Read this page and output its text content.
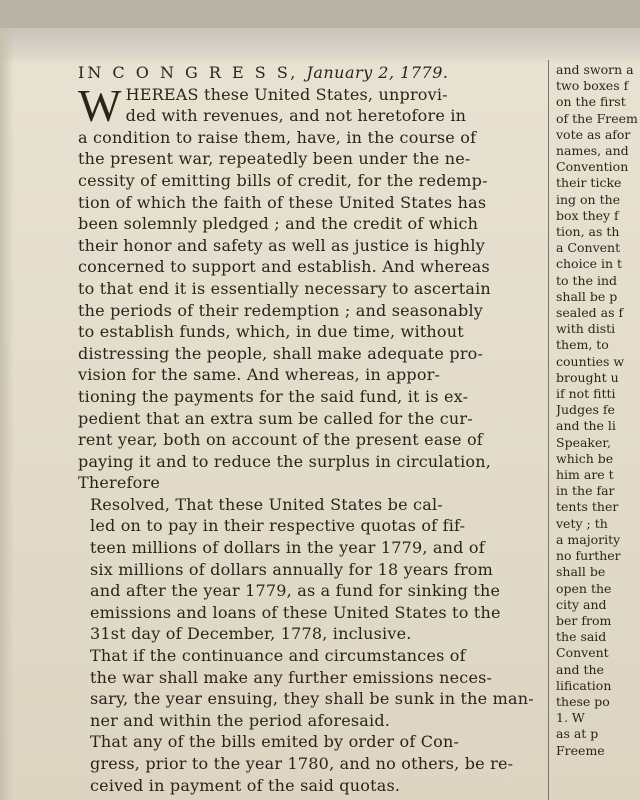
IN C O N G R E S S, January 2, 1779.
W HEREAS these United States, unprovi-
ded with revenues, and not heretofore in
a condition to raise them, have, in the course of
the present war, repeatedly been under the ne-
cessity of emitting bills of credit, for the redemp-
tion of which the faith of these United States has
been solemnly pledged ; and the credit of which
their honor and safety as well as justice is highly
concerned to support and establish. And whereas
to that end it is essentially necessary to ascertain
the periods of their redemption ; and seasonably
to establish funds, which, in due time, without
distressing the people, shall make adequate pro-
vision for the same. And whereas, in appor-
tioning the payments for the said fund, it is ex-
pedient that an extra sum be called for the cur-
rent year, both on account of the present ease of
paying it and to reduce the surplus in circulation,
Therefore
Resolved, That these United States be cal-
led on to pay in their respective quotas of fif-
teen millions of dollars in the year 1779, and of
six millions of dollars annually for 18 years from
and after the year 1779, as a fund for sinking the
emissions and loans of these United States to the
31st day of December, 1778, inclusive.
That if the continuance and circumstances of
the war shall make any further emissions neces-
sary, the year ensuing, they shall be sunk in the man-
ner and within the period aforesaid.
That any of the bills emited by order of Con-
gress, prior to the year 1780, and no others, be re-
ceived in payment of the said quotas.
and sworn a
two boxes f
on the first
of the Freem
vote as afor
names, and
Convention
their ticke
ing on the
box they f
tion, as th
a Convent
choice in t
to the ind
shall be p
sealed as f
with disti
them, to
counties w
brought u
if not fitti
Judges fe
and the li
Speaker,
which be
him are t
in the far
tents ther
vety ; th
a majority
no further
shall be
open the
city and
ber from
the said
Convent
and the
lification
these po
1. W
as at p
Freeme
